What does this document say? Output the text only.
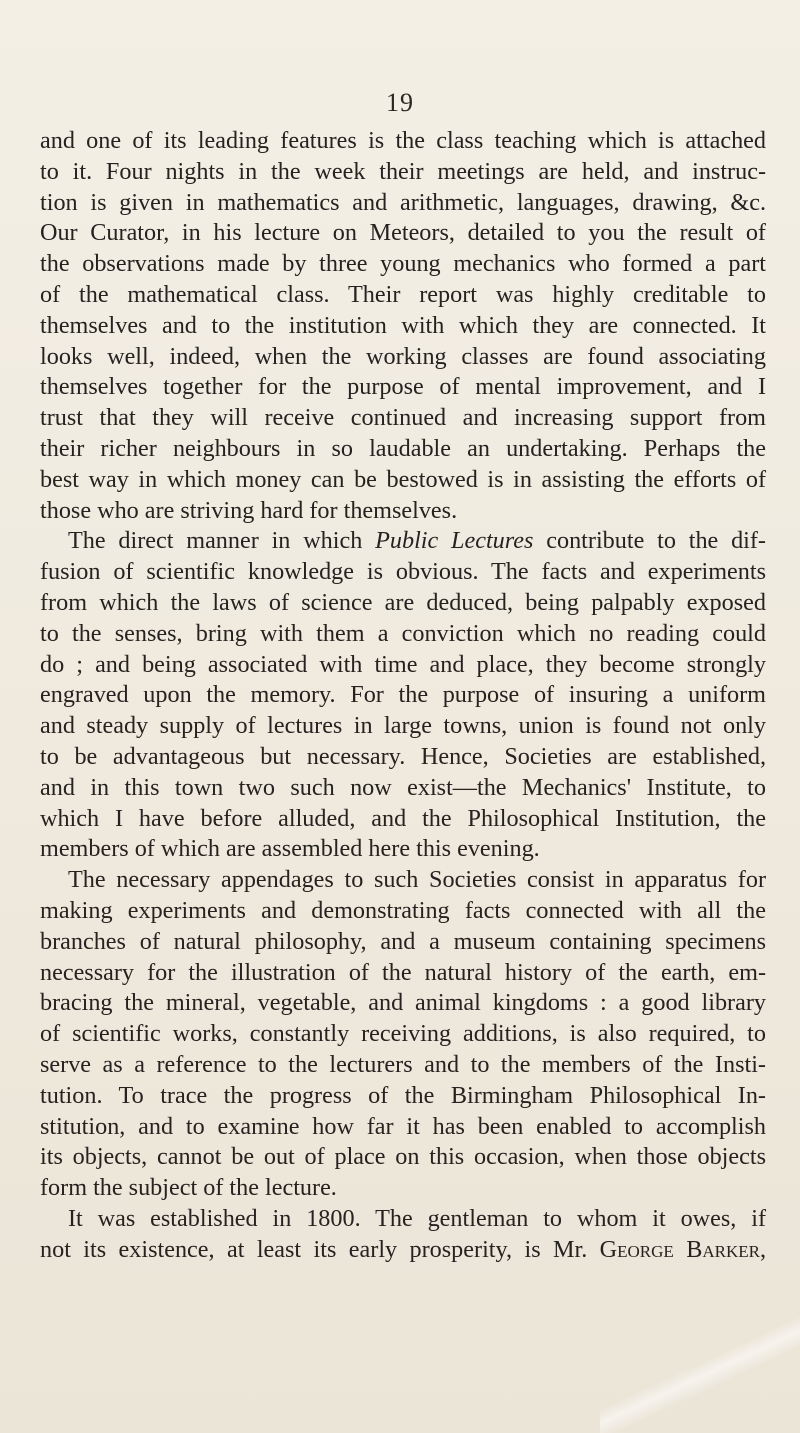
19
and one of its leading features is the class teaching which is attached
to it. Four nights in the week their meetings are held, and instruc-
tion is given in mathematics and arithmetic, languages, drawing, &c.
Our Curator, in his lecture on Meteors, detailed to you the result of
the observations made by three young mechanics who formed a part
of the mathematical class. Their report was highly creditable to
themselves and to the institution with which they are connected. It
looks well, indeed, when the working classes are found associating
themselves together for the purpose of mental improvement, and I
trust that they will receive continued and increasing support from
their richer neighbours in so laudable an undertaking. Perhaps the
best way in which money can be bestowed is in assisting the efforts of
those who are striving hard for themselves.
The direct manner in which Public Lectures contribute to the dif-
fusion of scientific knowledge is obvious. The facts and experiments
from which the laws of science are deduced, being palpably exposed
to the senses, bring with them a conviction which no reading could
do ; and being associated with time and place, they become strongly
engraved upon the memory. For the purpose of insuring a uniform
and steady supply of lectures in large towns, union is found not only
to be advantageous but necessary. Hence, Societies are established,
and in this town two such now exist—the Mechanics' Institute, to
which I have before alluded, and the Philosophical Institution, the
members of which are assembled here this evening.
The necessary appendages to such Societies consist in apparatus for
making experiments and demonstrating facts connected with all the
branches of natural philosophy, and a museum containing specimens
necessary for the illustration of the natural history of the earth, em-
bracing the mineral, vegetable, and animal kingdoms : a good library
of scientific works, constantly receiving additions, is also required, to
serve as a reference to the lecturers and to the members of the Insti-
tution. To trace the progress of the Birmingham Philosophical In-
stitution, and to examine how far it has been enabled to accomplish
its objects, cannot be out of place on this occasion, when those objects
form the subject of the lecture.
It was established in 1800. The gentleman to whom it owes, if
not its existence, at least its early prosperity, is Mr. George Barker,
